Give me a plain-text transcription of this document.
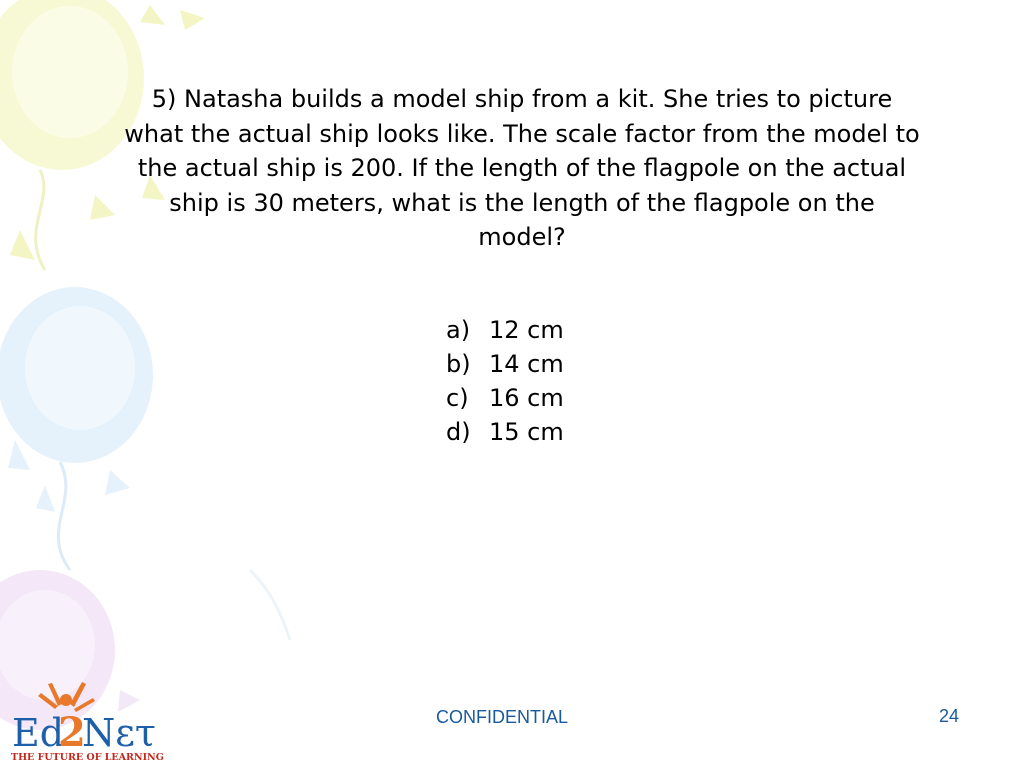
5) Natasha builds a model ship from a kit. She tries to picture what the actual ship looks like. The scale factor from the model to the actual ship is 200. If the length of the flagpole on the actual ship is 30 meters, what is the length of the flagpole on the model?

a) 12 cm
b) 14 cm
c) 16 cm
d) 15 cm
Ed
2
Nετ
THE FUTURE OF LEARNING
CONFIDENTIAL	24
